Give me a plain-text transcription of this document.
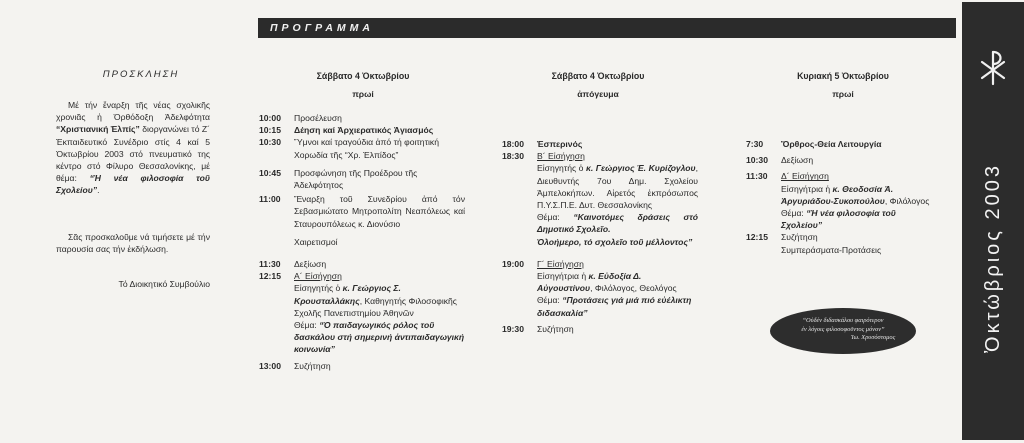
ΠΡΟΓΡΑΜΜΑ
Ὀκτώβριος 2003
ΠΡΟΣΚΛΗΣΗ

Μέ τήν ἔναρξη τῆς νέας σχολικῆς χρονιᾶς ἡ Ὀρθόδοξη Ἀδελφότητα “Χριστιανική Ἐλπίς” διοργανώνει τό Ζ´ Ἐκπαιδευτικό Συνέδριο στίς 4 καί 5 Ὀκτωβρίου 2003 στό πνευματικό της κέντρο στό Φίλυρο Θεσσαλονίκης, μέ θέμα: “Ἡ νέα φιλοσοφία τοῦ Σχολείου”.

Σᾶς προσκαλοῦμε νά τιμήσετε μέ τήν παρουσία σας τήν ἐκδήλωση.

Τό Διοικητικό Συμβούλιο

Σάββατο 4 Ὀκτωβρίου
πρωί
10:00 Προσέλευση
10:15 Δέηση καί Ἀρχιερατικός Ἁγιασμός
10:30 Ὕμνοι καί τραγούδια ἀπό τή φοιτητική Χορωδία τῆς “Χρ. Ἐλπίδος”
10:45 Προσφώνηση τῆς Προέδρου τῆς Ἀδελφότητος
11:00 Ἔναρξη τοῦ Συνεδρίου ἀπό τόν Σεβασμιώτατο Μητροπολίτη Νεαπόλεως καί Σταυρουπόλεως κ. Διονύσιο
Χαιρετισμοί
11:30 Δεξίωση
12:15 Α´ Εἰσήγηση
Εἰσηγητής ὁ κ. Γεώργιος Σ. Κρουσταλλάκης, Καθηγητής Φιλοσοφικῆς Σχολῆς Πανεπιστημίου Ἀθηνῶν
Θέμα: “Ὁ παιδαγωγικός ρόλος τοῦ δασκάλου στή σημερινή ἀντιπαιδαγωγική κοινωνία”
13:00 Συζήτηση
Σάββατο 4 Ὀκτωβρίου
ἀπόγευμα
18:00 Ἑσπερινός
18:30 Β´ Εἰσήγηση
Εἰσηγητής ὁ κ. Γεώργιος Ἐ. Κυρίζογλου, Διευθυντής 7ου Δημ. Σχολείου Ἀμπελοκήπων. Αἱρετός ἐκπρόσωπος Π.Υ.Σ.Π.Ε. Δυτ. Θεσσαλονίκης
Θέμα: “Καινοτόμες δράσεις στό Δημοτικό Σχολεῖο.
Ὁλοήμερο, τό σχολεῖο τοῦ μέλλοντος”
19:00 Γ´ Εἰσήγηση
Εἰσηγήτρια ἡ κ. Εὐδοξία Δ. Αὐγουστίνου, Φιλόλογος, Θεολόγος
Θέμα: “Προτάσεις γιά μιά πιό εὐέλικτη διδασκαλία”
19:30 Συζήτηση
Κυριακή 5 Ὀκτωβρίου
πρωί
7:30 Ὄρθρος-Θεία Λειτουργία
10:30 Δεξίωση
11:30 Δ´ Εἰσήγηση
Εἰσηγήτρια ἡ κ. Θεοδοσία Ἀ. Ἀργυριάδου-Συκοπούλου, Φιλόλογος
Θέμα: “Ἡ νέα φιλοσοφία τοῦ Σχολείου”
12:15 Συζήτηση
Συμπεράσματα-Προτάσεις
“Οὐδέν διδασκάλου φαιρότερον
ἐν λόγοις φιλοσοφοῦντος μόνον”

Ἰω. Χρυσόστομος
